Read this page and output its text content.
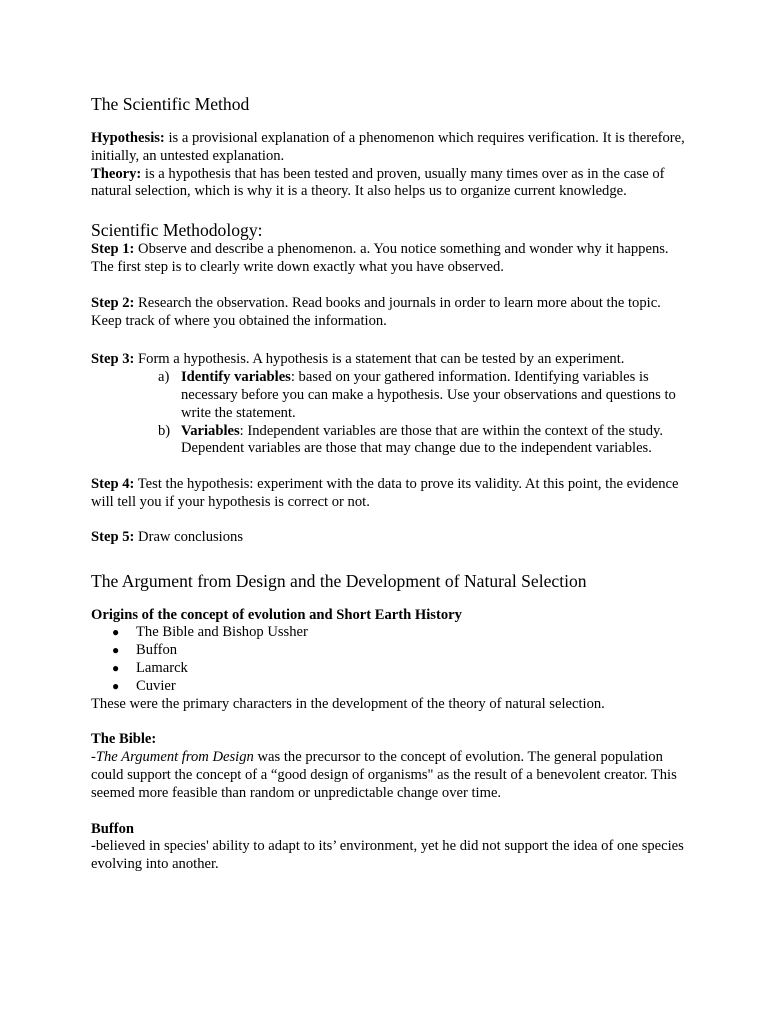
The Scientific Method

Hypothesis: is a provisional explanation of a phenomenon which requires verification. It is therefore, initially, an untested explanation.

Theory: is a hypothesis that has been tested and proven, usually many times over as in the case of natural selection, which is why it is a theory. It also helps us to organize current knowledge.

Scientific Methodology:

Step 1: Observe and describe a phenomenon. a. You notice something and wonder why it happens. The first step is to clearly write down exactly what you have observed.

Step 2: Research the observation. Read books and journals in order to learn more about the topic. Keep track of where you obtained the information.

Step 3: Form a hypothesis. A hypothesis is a statement that can be tested by an experiment.

a) Identify variables: based on your gathered information. Identifying variables is necessary before you can make a hypothesis. Use your observations and questions to write the statement.
b) Variables: Independent variables are those that are within the context of the study. Dependent variables are those that may change due to the independent variables.

Step 4: Test the hypothesis: experiment with the data to prove its validity. At this point, the evidence will tell you if your hypothesis is correct or not.

Step 5: Draw conclusions

The Argument from Design and the Development of Natural Selection

Origins of the concept of evolution and Short Earth History

● The Bible and Bishop Ussher
● Buffon
● Lamarck
● Cuvier

These were the primary characters in the development of the theory of natural selection.

The Bible:

-The Argument from Design was the precursor to the concept of evolution. The general population could support the concept of a “good design of organisms" as the result of a benevolent creator. This seemed more feasible than random or unpredictable change over time.

Buffon

-believed in species' ability to adapt to its’ environment, yet he did not support the idea of one species evolving into another.
